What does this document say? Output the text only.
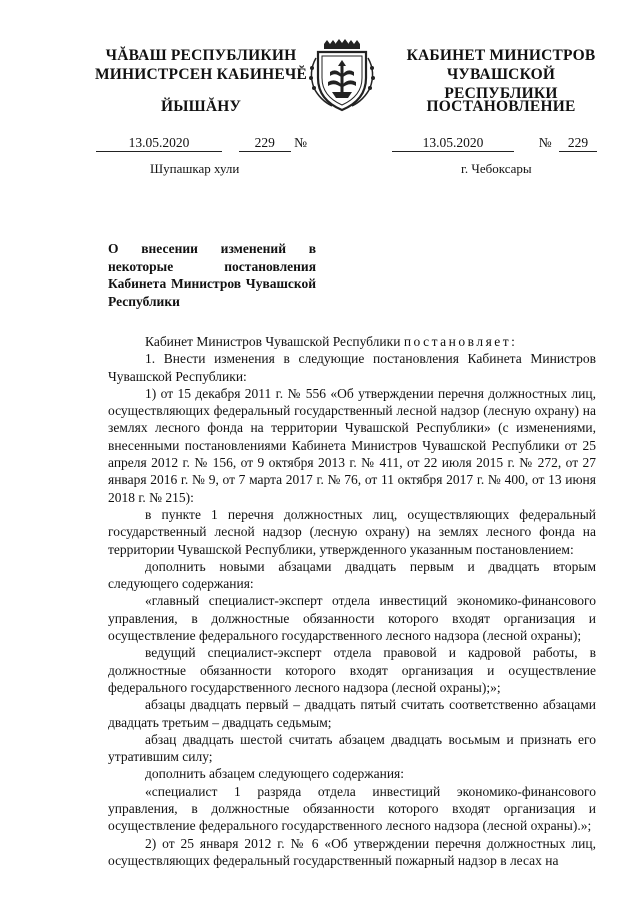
ЧĂВАШ РЕСПУБЛИКИН
МИНИСТРСЕН КАБИНЕЧĔ
ЙЫШĂНУ
КАБИНЕТ МИНИСТРОВ
ЧУВАШСКОЙ РЕСПУБЛИКИ
ПОСТАНОВЛЕНИЕ
13.05.2020	229 №	13.05.2020	№ 229
Шупашкар хули	г. Чебоксары
О внесении изменений в некоторые постановления Кабинета Министров Чувашской Республики

Кабинет Министров Чувашской Республики постановляет:

1. Внести изменения в следующие постановления Кабинета Министров Чувашской Республики:

1) от 15 декабря 2011 г. № 556 «Об утверждении перечня должностных лиц, осуществляющих федеральный государственный лесной надзор (лесную охрану) на землях лесного фонда на территории Чувашской Республики» (с изменениями, внесенными постановлениями Кабинета Министров Чувашской Республики от 25 апреля 2012 г. № 156, от 9 октября 2013 г. № 411, от 22 июля 2015 г. № 272, от 27 января 2016 г. № 9, от 7 марта 2017 г. № 76, от 11 октября 2017 г. № 400, от 13 июня 2018 г. № 215):

в пункте 1 перечня должностных лиц, осуществляющих федеральный государственный лесной надзор (лесную охрану) на землях лесного фонда на территории Чувашской Республики, утвержденного указанным постановлением:

дополнить новыми абзацами двадцать первым и двадцать вторым следующего содержания:

«главный специалист-эксперт отдела инвестиций экономико-финансового управления, в должностные обязанности которого входят организация и осуществление федерального государственного лесного надзора (лесной охраны);

ведущий специалист-эксперт отдела правовой и кадровой работы, в должностные обязанности которого входят организация и осуществление федерального государственного лесного надзора (лесной охраны);»;

абзацы двадцать первый – двадцать пятый считать соответственно абзацами двадцать третьим – двадцать седьмым;

абзац двадцать шестой считать абзацем двадцать восьмым и признать его утратившим силу;

дополнить абзацем следующего содержания:

«специалист 1 разряда отдела инвестиций экономико-финансового управления, в должностные обязанности которого входят организация и осуществление федерального государственного лесного надзора (лесной охраны).»;

2) от 25 января 2012 г. № 6 «Об утверждении перечня должностных лиц, осуществляющих федеральный государственный пожарный надзор в лесах на
